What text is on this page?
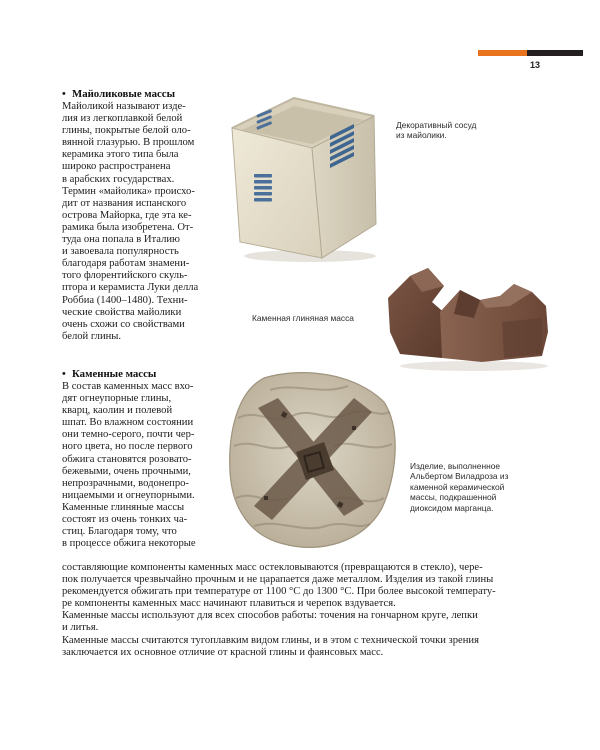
13
• Майоликовые массы
Майоликой называют изде-
лия из легкоплавкой белой
глины, покрытые белой оло-
вянной глазурью. В прошлом
керамика этого типа была
широко распространена
в арабских государствах.
Термин «майолика» происхо-
дит от названия испанского
острова Майорка, где эта ке-
рамика была изобретена. От-
туда она попала в Италию
и завоевала популярность
благодаря работам знамени-
того флорентийского скуль-
птора и керамиста Луки делла
Роббиа (1400–1480). Техни-
ческие свойства майолики
очень схожи со свойствами
белой глины.
• Каменные массы
В состав каменных масс вхо-
дят огнеупорные глины,
кварц, каолин и полевой
шпат. Во влажном состоянии
они темно-серого, почти чер-
ного цвета, но после первого
обжига становятся розовато-
бежевыми, очень прочными,
непрозрачными, водонепро-
ницаемыми и огнеупорными.
Каменные глиняные массы
состоят из очень тонких ча-
стиц. Благодаря тому, что
в процессе обжига некоторые
составляющие компоненты каменных масс остекловываются (превращаются в стекло), чере-
пок получается чрезвычайно прочным и не царапается даже металлом. Изделия из такой глины
рекомендуется обжигать при температуре от 1100 °С до 1300 °С. При более высокой температу-
ре компоненты каменных масс начинают плавиться и черепок вздувается.
Каменные массы используют для всех способов работы: точения на гончарном круге, лепки
и литья.
Каменные массы считаются тугоплавким видом глины, и в этом с технической точки зрения
заключается их основное отличие от красной глины и фаянсовых масс.
Декоративный сосуд
из майолики.
Каменная глиняная масса
Изделие, выполненное
Альбертом Виладроза из
каменной керамической
массы, подкрашенной
диоксидом марганца.
